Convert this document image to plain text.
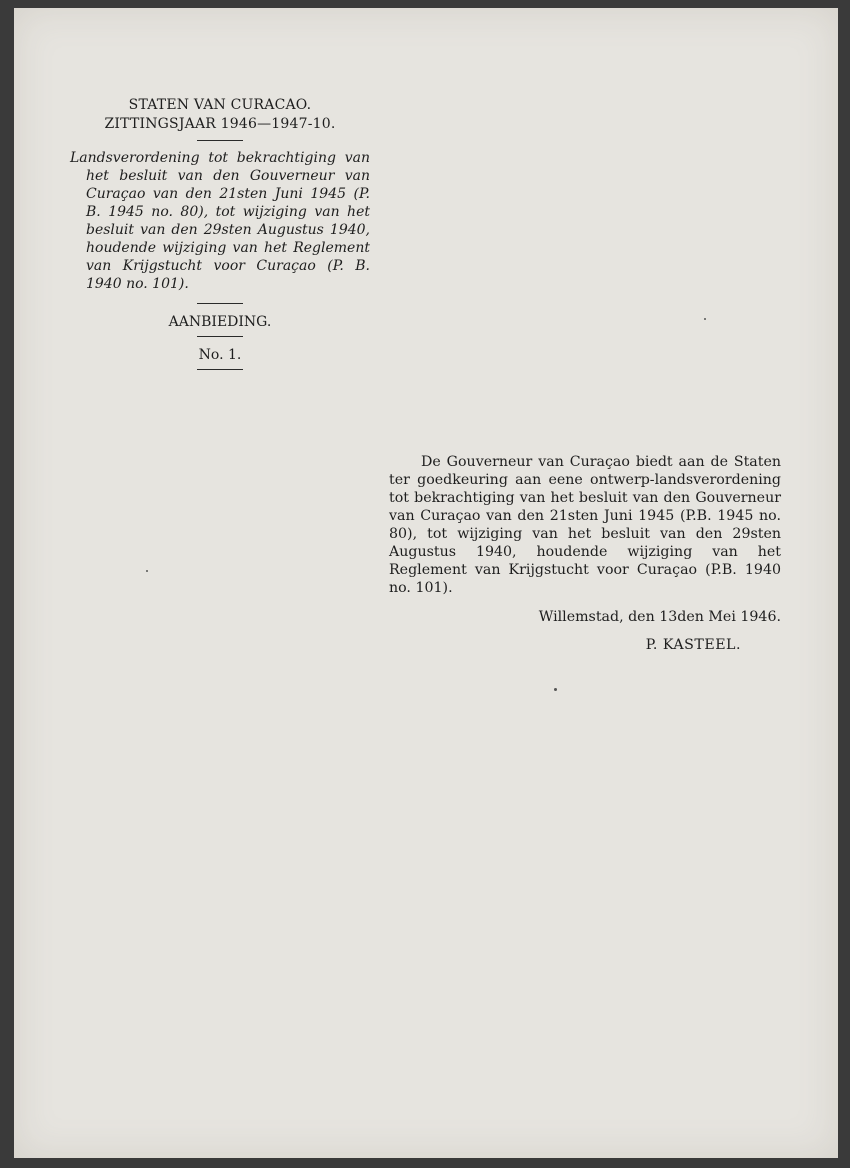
STATEN VAN CURACAO.
ZITTINGSJAAR 1946—1947-10.
Landsverordening tot bekrachtiging van het besluit van den Gouverneur van Curaçao van den 21sten Juni 1945 (P. B. 1945 no. 80), tot wijziging van het besluit van den 29sten Augustus 1940, houdende wijziging van het Reglement van Krijgstucht voor Curaçao (P. B. 1940 no. 101).
AANBIEDING.
No. 1.

De Gouverneur van Curaçao biedt aan de Staten ter goedkeuring aan eene ontwerp-landsverordening tot bekrachtiging van het besluit van den Gouverneur van Curaçao van den 21sten Juni 1945 (P.B. 1945 no. 80), tot wijziging van het besluit van den 29sten Augustus 1940, houdende wijziging van het Reglement van Krijgstucht voor Curaçao (P.B. 1940 no. 101).

Willemstad, den 13den Mei 1946.
P. KASTEEL.
